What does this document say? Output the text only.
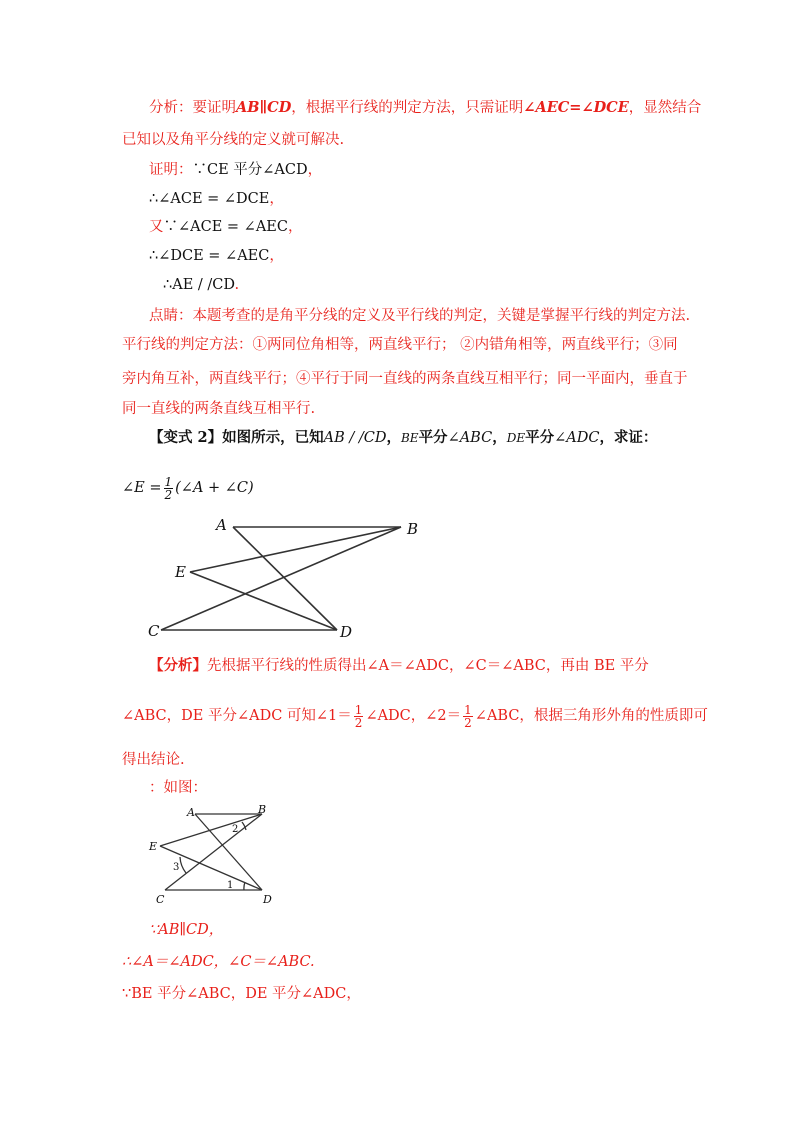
分析：要证明AB∥CD，根据平行线的判定方法，只需证明∠AEC=∠DCE，显然结合
已知以及角平分线的定义就可解决.
证明：∵CE 平分∠ACD，
∴∠ACE = ∠DCE，
又∵∠ACE = ∠AEC，
∴∠DCE = ∠AEC，
∴AE / /CD.
点睛：本题考查的是角平分线的定义及平行线的判定，关键是掌握平行线的判定方法.
平行线的判定方法：①两同位角相等，两直线平行； ②内错角相等，两直线平行；③同
旁内角互补，两直线平行；④平行于同一直线的两条直线互相平行；同一平面内，垂直于
同一直线的两条直线互相平行.
【变式 2】如图所示，已知AB / /CD，BE平分∠ABC，DE平分∠ADC，求证：
∠E = $\frac{1}{2}$ (∠A + ∠C)
A	B
E
C	D
A	B
E
C	D
1
2
3
【分析】先根据平行线的性质得出∠A＝∠ADC，∠C＝∠ABC，再由 BE 平分
∠ABC，DE 平分∠ADC 可知∠1＝ $\frac{1}{2}$ ∠ADC，∠2＝ $\frac{1}{2}$ ∠ABC，根据三角形外角的性质即可
得出结论.
：如图：
∵AB∥CD，
∴∠A＝∠ADC，∠C＝∠ABC.
∵BE 平分∠ABC，DE 平分∠ADC，
